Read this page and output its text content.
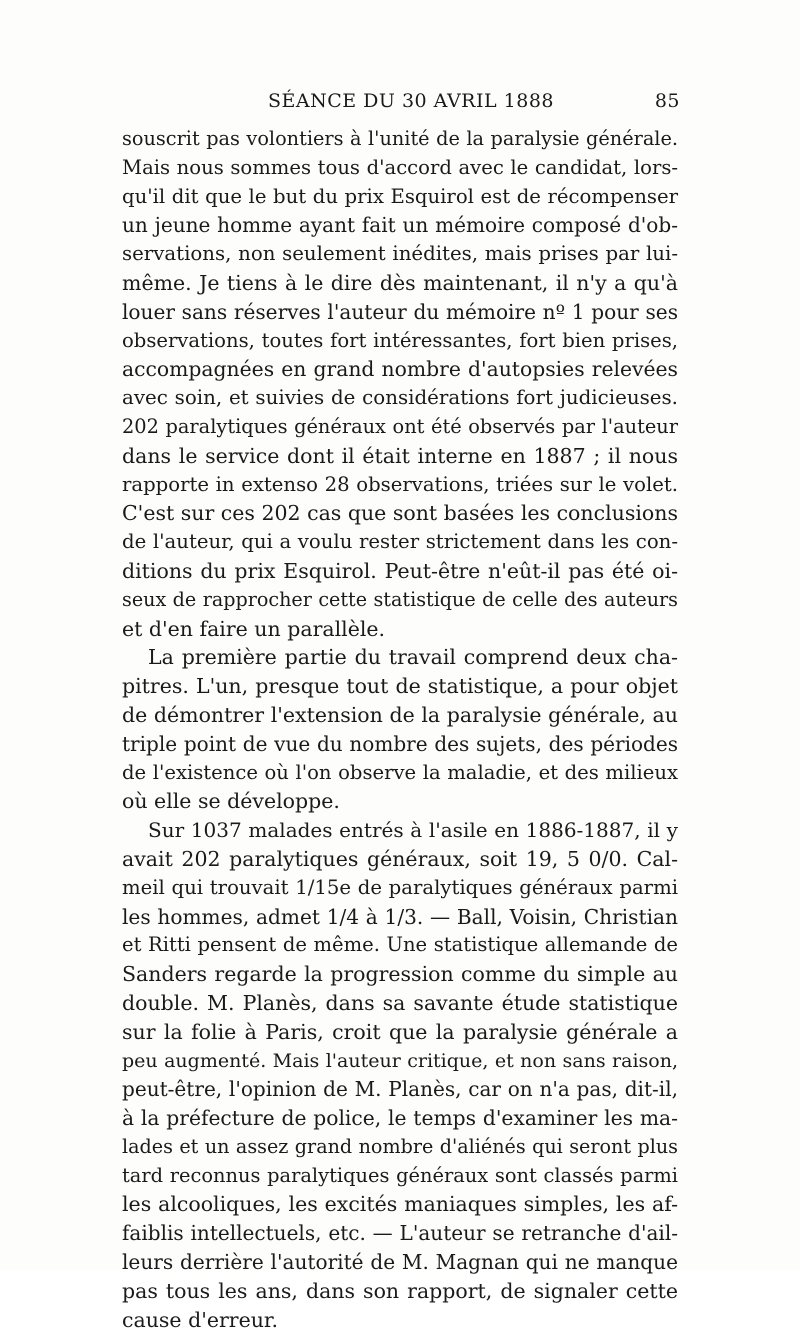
SÉANCE DU 30 AVRIL 1888	85
souscrit pas volontiers à l'unité de la paralysie générale.
Mais nous sommes tous d'accord avec le candidat, lors-
qu'il dit que le but du prix Esquirol est de récompenser
un jeune homme ayant fait un mémoire composé d'ob-
servations, non seulement inédites, mais prises par lui-
même. Je tiens à le dire dès maintenant, il n'y a qu'à
louer sans réserves l'auteur du mémoire nº 1 pour ses
observations, toutes fort intéressantes, fort bien prises,
accompagnées en grand nombre d'autopsies relevées
avec soin, et suivies de considérations fort judicieuses.
202 paralytiques généraux ont été observés par l'auteur
dans le service dont il était interne en 1887 ; il nous
rapporte in extenso 28 observations, triées sur le volet.
C'est sur ces 202 cas que sont basées les conclusions
de l'auteur, qui a voulu rester strictement dans les con-
ditions du prix Esquirol. Peut-être n'eût-il pas été oi-
seux de rapprocher cette statistique de celle des auteurs
et d'en faire un parallèle.
La première partie du travail comprend deux cha-
pitres. L'un, presque tout de statistique, a pour objet
de démontrer l'extension de la paralysie générale, au
triple point de vue du nombre des sujets, des périodes
de l'existence où l'on observe la maladie, et des milieux
où elle se développe.
Sur 1037 malades entrés à l'asile en 1886-1887, il y
avait 202 paralytiques généraux, soit 19, 5 0/0. Cal-
meil qui trouvait 1/15e de paralytiques généraux parmi
les hommes, admet 1/4 à 1/3. — Ball, Voisin, Christian
et Ritti pensent de même. Une statistique allemande de
Sanders regarde la progression comme du simple au
double. M. Planès, dans sa savante étude statistique
sur la folie à Paris, croit que la paralysie générale a
peu augmenté. Mais l'auteur critique, et non sans raison,
peut-être, l'opinion de M. Planès, car on n'a pas, dit-il,
à la préfecture de police, le temps d'examiner les ma-
lades et un assez grand nombre d'aliénés qui seront plus
tard reconnus paralytiques généraux sont classés parmi
les alcooliques, les excités maniaques simples, les af-
faiblis intellectuels, etc. — L'auteur se retranche d'ail-
leurs derrière l'autorité de M. Magnan qui ne manque
pas tous les ans, dans son rapport, de signaler cette
cause d'erreur.
